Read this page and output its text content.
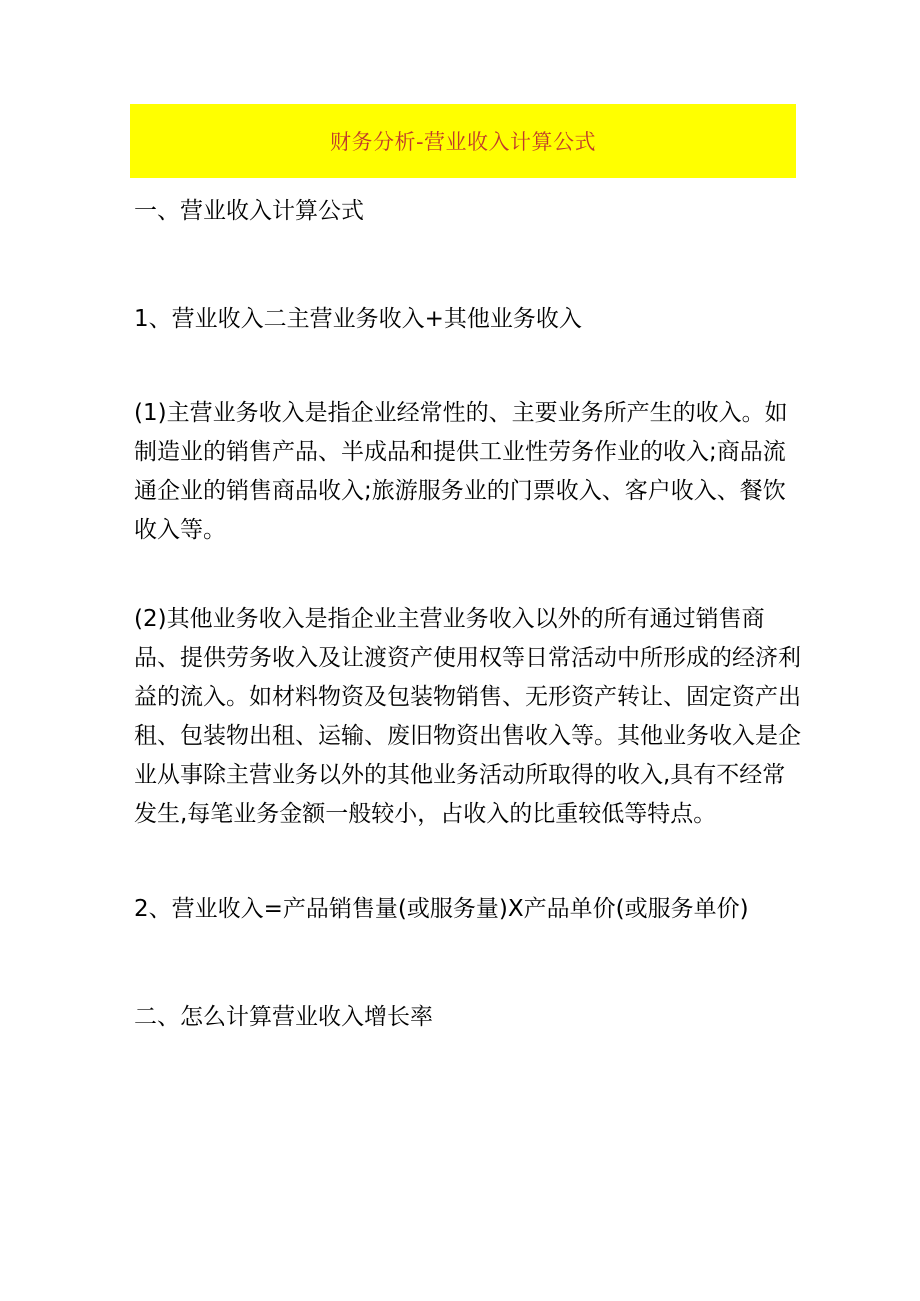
财务分析-营业收入计算公式

一、营业收入计算公式

1、营业收入二主营业务收入+其他业务收入

(1)主营业务收入是指企业经常性的、主要业务所产生的收入。如制造业的销售产品、半成品和提供工业性劳务作业的收入;商品流通企业的销售商品收入;旅游服务业的门票收入、客户收入、餐饮收入等。

(2)其他业务收入是指企业主营业务收入以外的所有通过销售商品、提供劳务收入及让渡资产使用权等日常活动中所形成的经济利益的流入。如材料物资及包装物销售、无形资产转让、固定资产出租、包装物出租、运输、废旧物资出售收入等。其他业务收入是企业从事除主营业务以外的其他业务活动所取得的收入,具有不经常发生,每笔业务金额一般较小，占收入的比重较低等特点。

2、营业收入=产品销售量(或服务量)X产品单价(或服务单价)

二、怎么计算营业收入增长率
